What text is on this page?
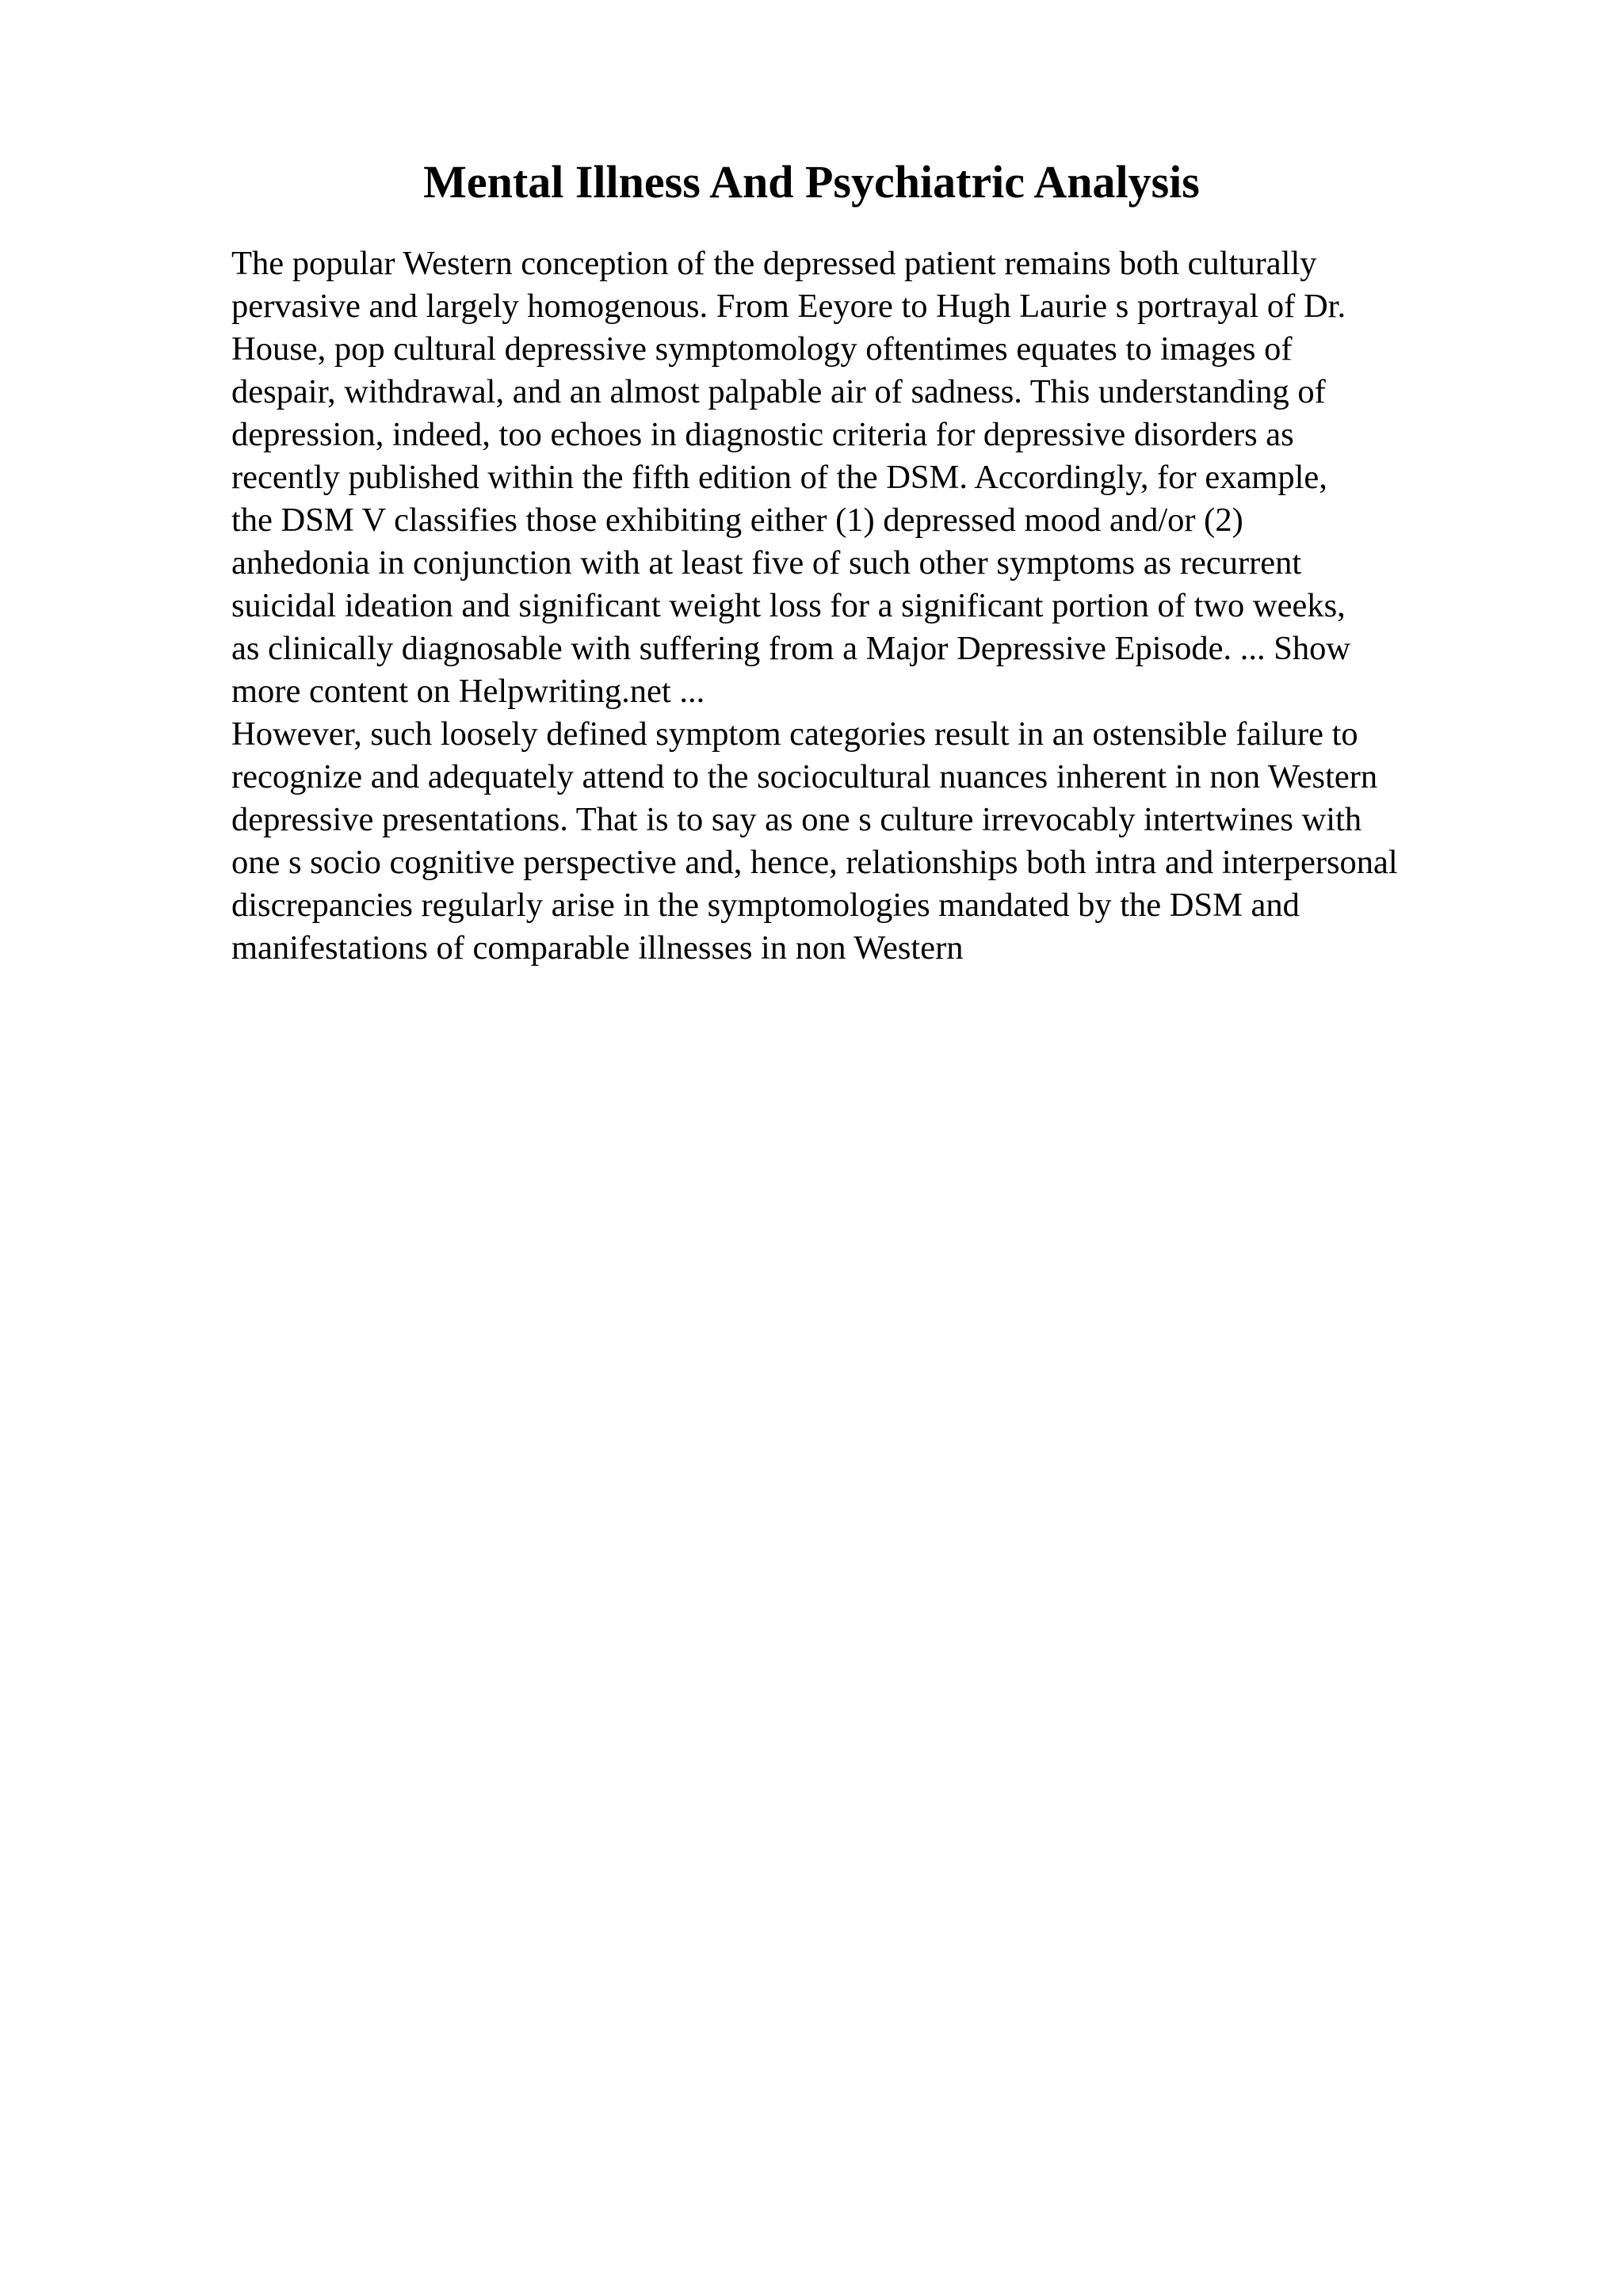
Mental Illness And Psychiatric Analysis
The popular Western conception of the depressed patient remains both culturally
pervasive and largely homogenous. From Eeyore to Hugh Laurie s portrayal of Dr.
House, pop cultural depressive symptomology oftentimes equates to images of
despair, withdrawal, and an almost palpable air of sadness. This understanding of
depression, indeed, too echoes in diagnostic criteria for depressive disorders as
recently published within the fifth edition of the DSM. Accordingly, for example,
the DSM V classifies those exhibiting either (1) depressed mood and/or (2)
anhedonia in conjunction with at least five of such other symptoms as recurrent
suicidal ideation and significant weight loss for a significant portion of two weeks,
as clinically diagnosable with suffering from a Major Depressive Episode. ... Show
more content on Helpwriting.net ...
However, such loosely defined symptom categories result in an ostensible failure to
recognize and adequately attend to the sociocultural nuances inherent in non Western
depressive presentations. That is to say as one s culture irrevocably intertwines with
one s socio cognitive perspective and, hence, relationships both intra and interpersonal
discrepancies regularly arise in the symptomologies mandated by the DSM and
manifestations of comparable illnesses in non Western
